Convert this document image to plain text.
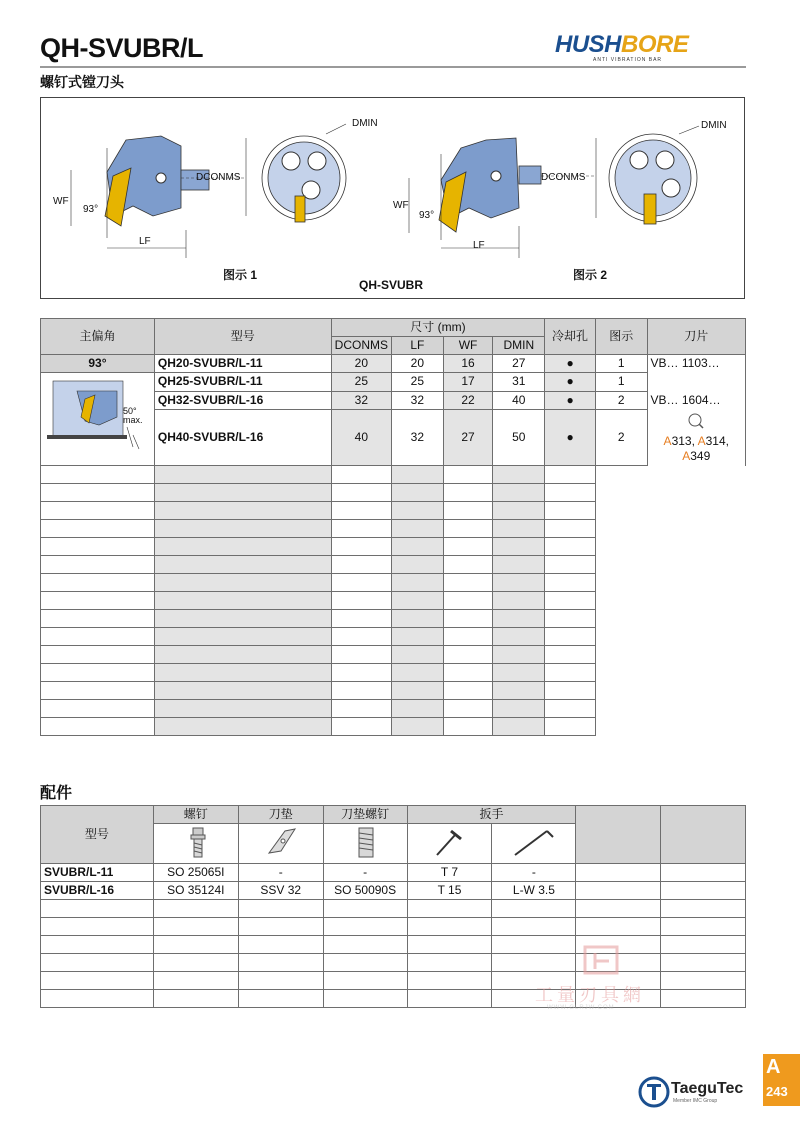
QH-SVUBR/L
螺钉式镗刀头
HUSHBORE
ANTI VIBRATION BAR
DMIN
DCONMS
WF
93°
LF
DMIN
DCONMS
WF
93°
LF
图示 1	图示 2
QH-SVUBR
主偏角	型号	尺寸 (mm)				冷却孔	图示	刀片
		DCONMS	LF	WF	DMIN			
93°	QH20-SVUBR/L-11	20	20	16	27	●	1	VB… 1103…

50°
max.	QH25-SVUBR/L-11	25	25	17	31	●	1	
	QH32-SVUBR/L-16	32	32	22	40	●	2	VB… 1604…
	QH40-SVUBR/L-16	40	32	27	50	●	2	A313, A314,
A349

配件
型号	螺钉	刀垫	刀垫螺钉	扳手			

SVUBR/L-11	SO 25065I	-	-	T 7	-		
SVUBR/L-16	SO 35124I	SSV 32	SO 50090S	T 15	L-W 3.5		

工量刃具網
WWW.GLRJW.COM
TaeguTec
Member IMC Group
A
243
